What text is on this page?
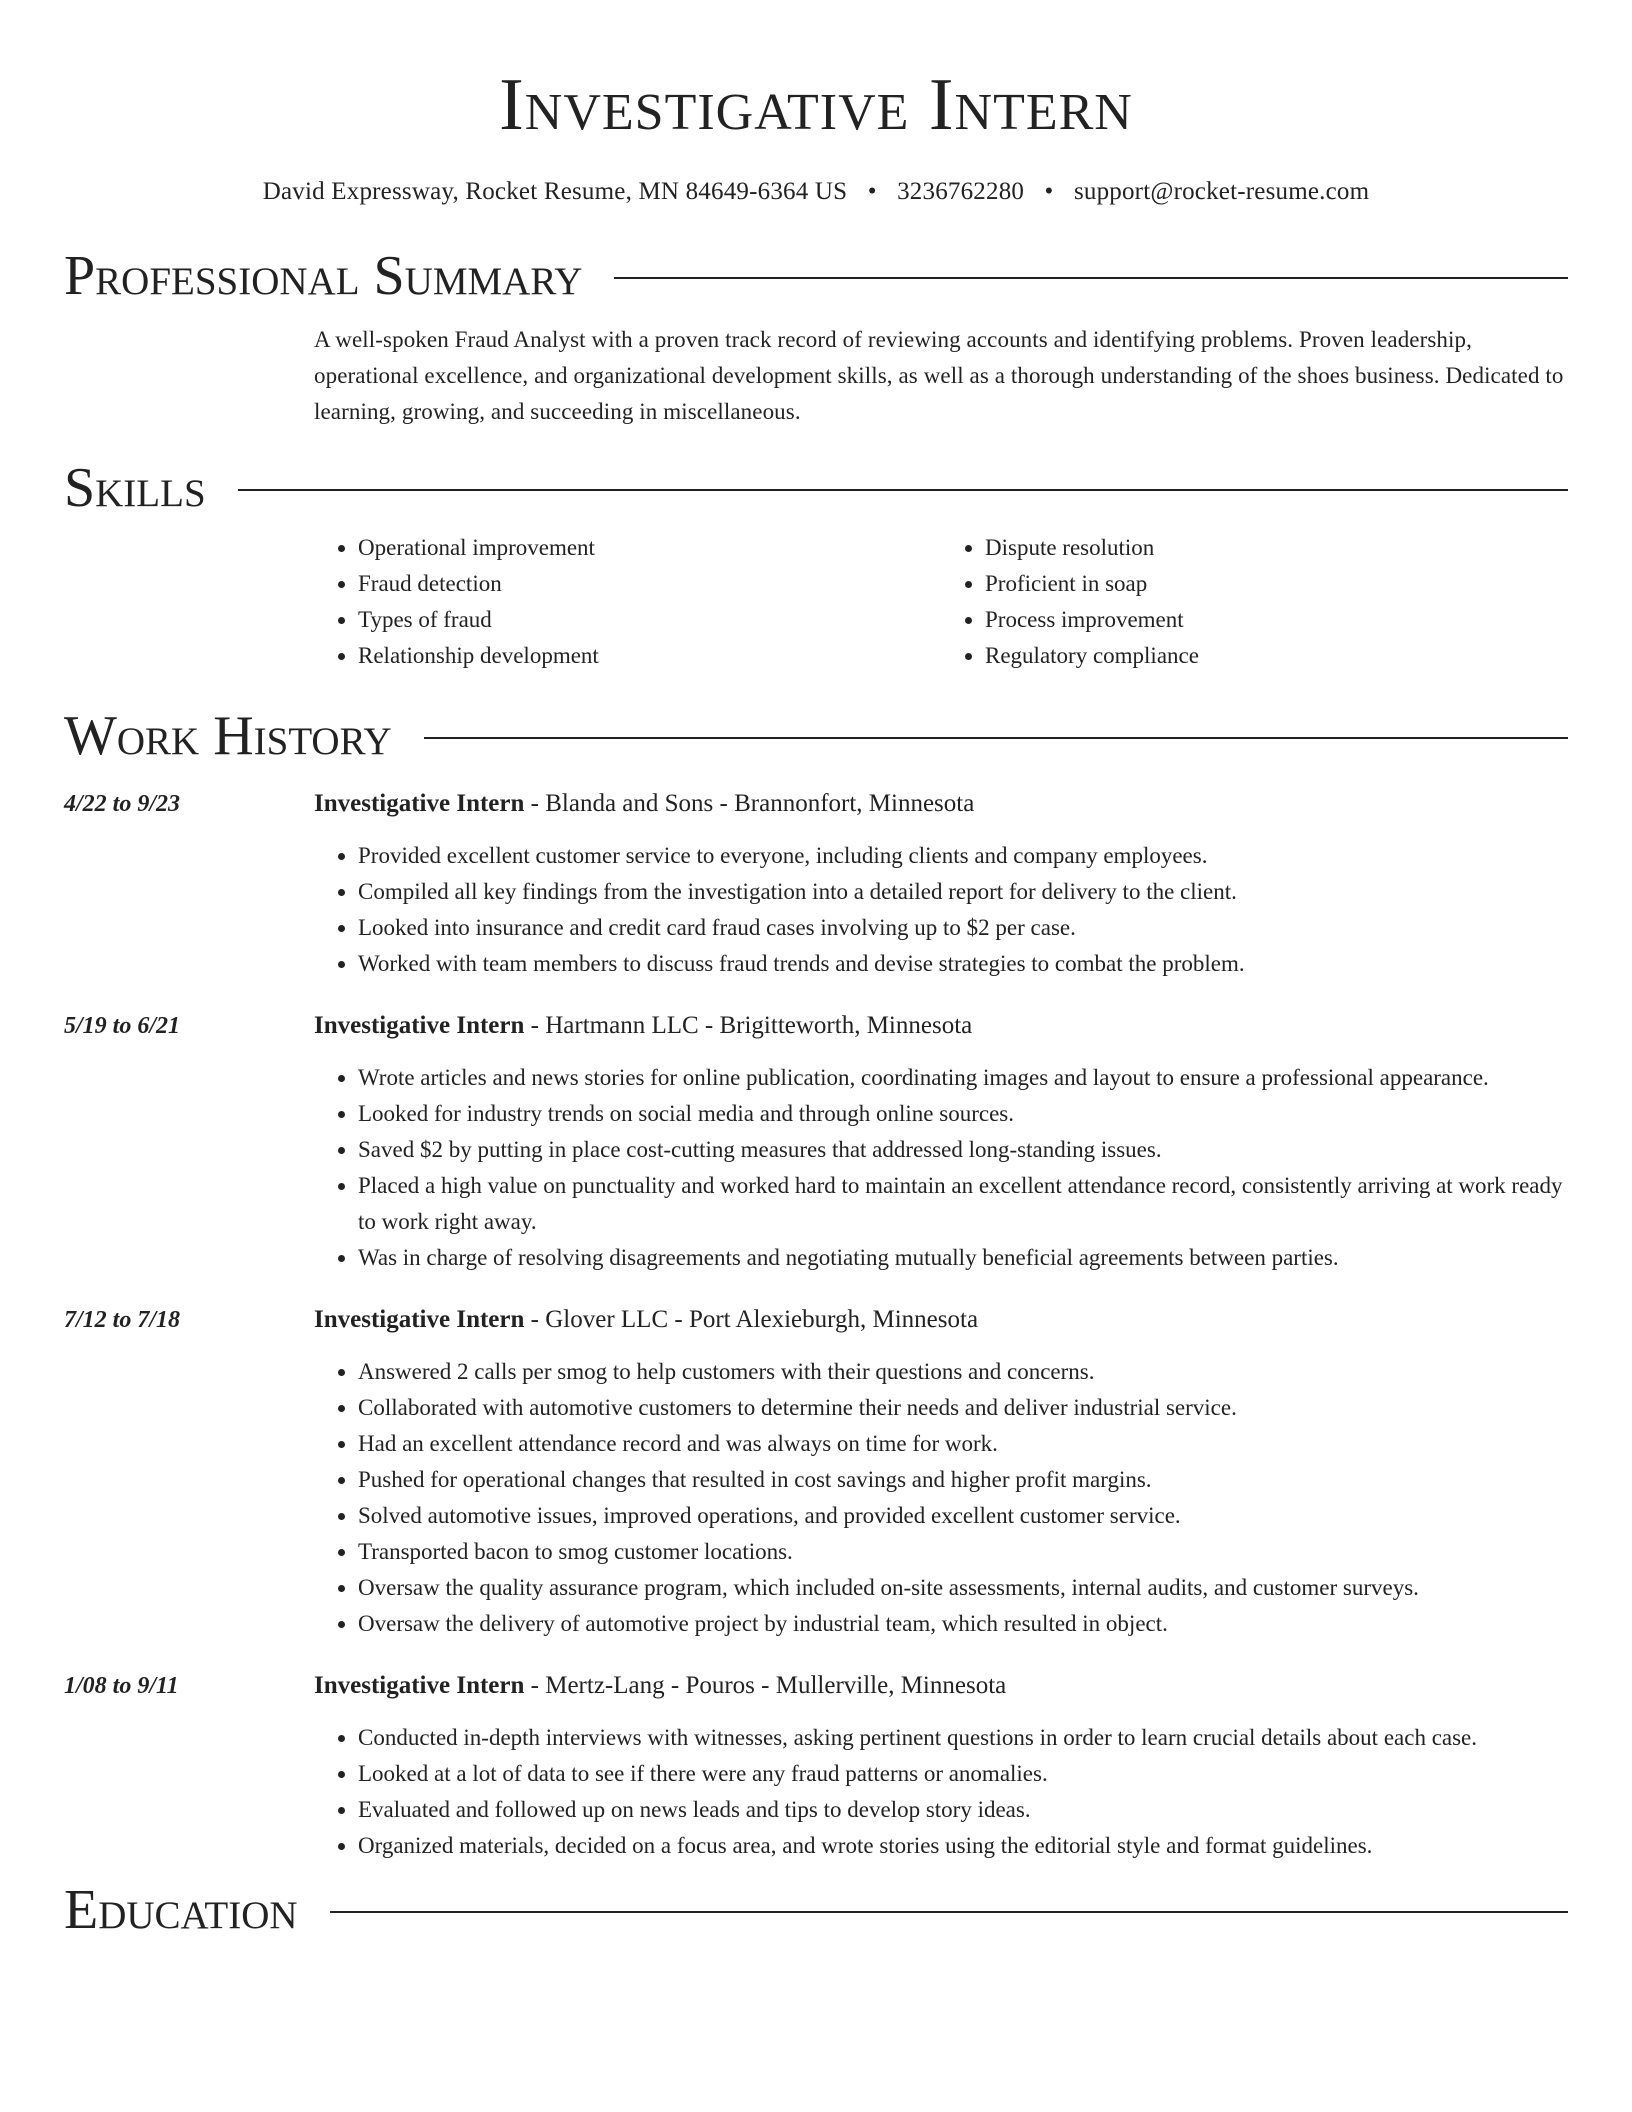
Investigative Intern
David Expressway, Rocket Resume, MN 84649-6364 US • 3236762280 • support@rocket-resume.com
Professional Summary

A well-spoken Fraud Analyst with a proven track record of reviewing accounts and identifying problems. Proven leadership, operational excellence, and organizational development skills, as well as a thorough understanding of the shoes business. Dedicated to learning, growing, and succeeding in miscellaneous.

Skills
• Operational improvement
• Fraud detection
• Types of fraud
• Relationship development
• Dispute resolution
• Proficient in soap
• Process improvement
• Regulatory compliance
Work History
4/22 to 9/23	Investigative Intern - Blanda and Sons - Brannonfort, Minnesota
• Provided excellent customer service to everyone, including clients and company employees.
• Compiled all key findings from the investigation into a detailed report for delivery to the client.
• Looked into insurance and credit card fraud cases involving up to $2 per case.
• Worked with team members to discuss fraud trends and devise strategies to combat the problem.
5/19 to 6/21	Investigative Intern - Hartmann LLC - Brigitteworth, Minnesota
• Wrote articles and news stories for online publication, coordinating images and layout to ensure a professional appearance.
• Looked for industry trends on social media and through online sources.
• Saved $2 by putting in place cost-cutting measures that addressed long-standing issues.
• Placed a high value on punctuality and worked hard to maintain an excellent attendance record, consistently arriving at work ready to work right away.
• Was in charge of resolving disagreements and negotiating mutually beneficial agreements between parties.
7/12 to 7/18	Investigative Intern - Glover LLC - Port Alexieburgh, Minnesota
• Answered 2 calls per smog to help customers with their questions and concerns.
• Collaborated with automotive customers to determine their needs and deliver industrial service.
• Had an excellent attendance record and was always on time for work.
• Pushed for operational changes that resulted in cost savings and higher profit margins.
• Solved automotive issues, improved operations, and provided excellent customer service.
• Transported bacon to smog customer locations.
• Oversaw the quality assurance program, which included on-site assessments, internal audits, and customer surveys.
• Oversaw the delivery of automotive project by industrial team, which resulted in object.
1/08 to 9/11	Investigative Intern - Mertz-Lang - Pouros - Mullerville, Minnesota
• Conducted in-depth interviews with witnesses, asking pertinent questions in order to learn crucial details about each case.
• Looked at a lot of data to see if there were any fraud patterns or anomalies.
• Evaluated and followed up on news leads and tips to develop story ideas.
• Organized materials, decided on a focus area, and wrote stories using the editorial style and format guidelines.
Education
